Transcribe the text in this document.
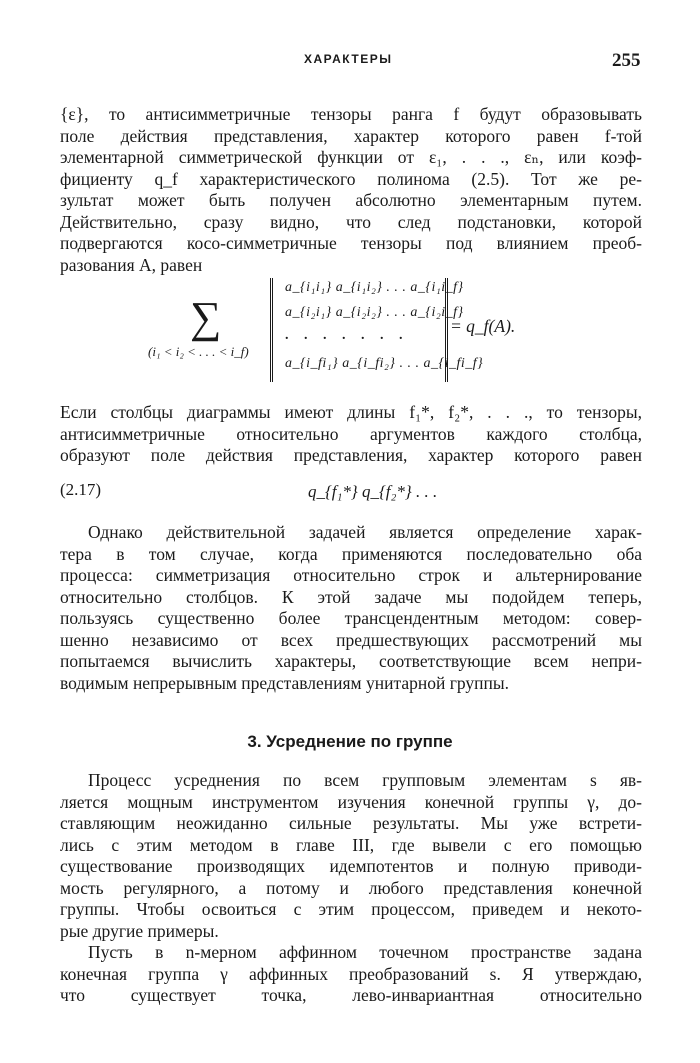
ХАРАКТЕРЫ	255
{ε}, то антисимметричные тензоры ранга f будут образовывать
поле действия представления, характер которого равен f-той
элементарной симметрической функции от ε₁, . . ., εₙ, или коэф-
фициенту q_f характеристического полинома (2.5). Тот же ре-
зультат может быть получен абсолютно элементарным путем.
Действительно, сразу видно, что след подстановки, которой
подвергаются косо-симметричные тензоры под влиянием преоб-
разования A, равен
∑
(i₁ < i₂ < . . . < i_f)
a_{i₁i₁} a_{i₁i₂} . . . a_{i₁i_f}
a_{i₂i₁} a_{i₂i₂} . . . a_{i₂i_f}
. . . . . . .
a_{i_fi₁} a_{i_fi₂} . . . a_{i_fi_f}
= q_f(A).
Если столбцы диаграммы имеют длины f₁*, f₂*, . . ., то тензоры,
антисимметричные относительно аргументов каждого столбца,
образуют поле действия представления, характер которого равен
(2.17)	q_{f₁*} q_{f₂*} . . .
Однако действительной задачей является определение харак-
тера в том случае, когда применяются последовательно оба
процесса: симметризация относительно строк и альтернирование
относительно столбцов. К этой задаче мы подойдем теперь,
пользуясь существенно более трансцендентным методом: совер-
шенно независимо от всех предшествующих рассмотрений мы
попытаемся вычислить характеры, соответствующие всем непри-
водимым непрерывным представлениям унитарной группы.
3. Усреднение по группе
Процесс усреднения по всем групповым элементам s яв-
ляется мощным инструментом изучения конечной группы γ, до-
ставляющим неожиданно сильные результаты. Мы уже встрети-
лись с этим методом в главе III, где вывели с его помощью
существование производящих идемпотентов и полную приводи-
мость регулярного, а потому и любого представления конечной
группы. Чтобы освоиться с этим процессом, приведем и некото-
рые другие примеры.
Пусть в n-мерном аффинном точечном пространстве задана
конечная группа γ аффинных преобразований s. Я утверждаю,
что существует точка, лево-инвариантная относительно
